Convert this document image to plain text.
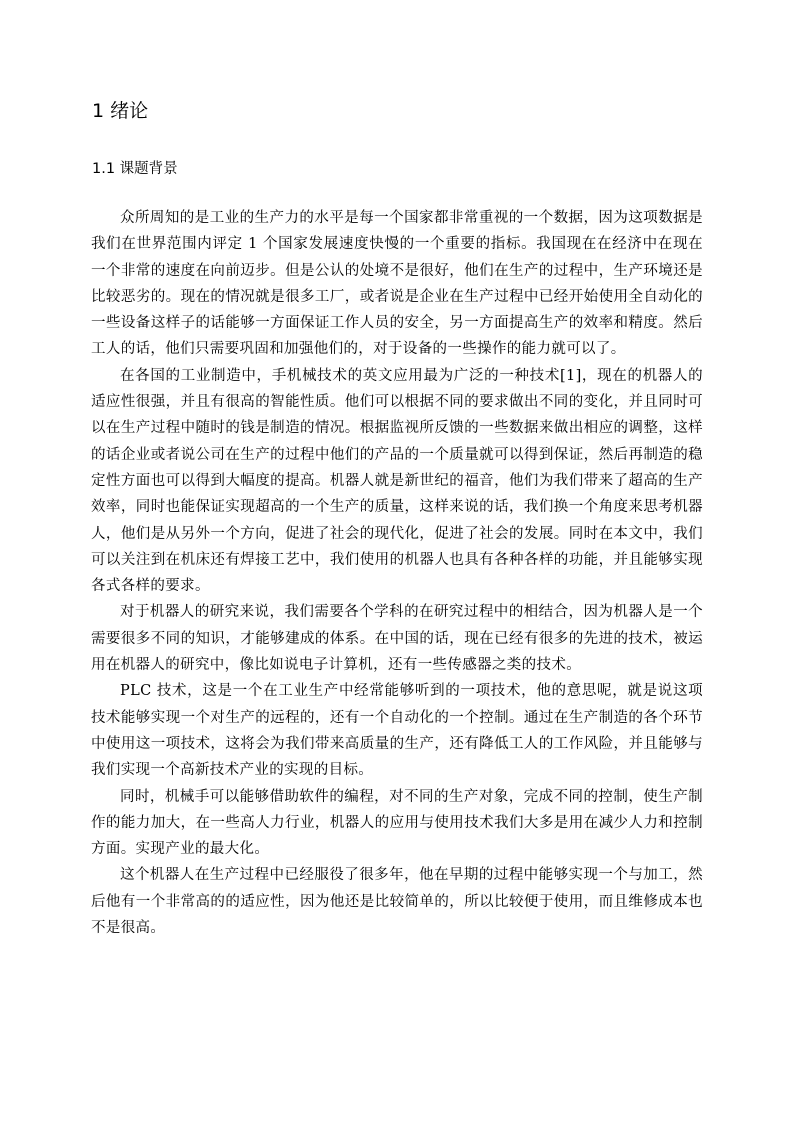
1 绪论
1.1 课题背景

众所周知的是工业的生产力的水平是每一个国家都非常重视的一个数据，因为这项数据是我们在世界范围内评定 1 个国家发展速度快慢的一个重要的指标。我国现在在经济中在现在一个非常的速度在向前迈步。但是公认的处境不是很好，他们在生产的过程中，生产环境还是比较恶劣的。现在的情况就是很多工厂，或者说是企业在生产过程中已经开始使用全自动化的一些设备这样子的话能够一方面保证工作人员的安全，另一方面提高生产的效率和精度。然后工人的话，他们只需要巩固和加强他们的，对于设备的一些操作的能力就可以了。

在各国的工业制造中，手机械技术的英文应用最为广泛的一种技术[1]，现在的机器人的适应性很强，并且有很高的智能性质。他们可以根据不同的要求做出不同的变化，并且同时可以在生产过程中随时的钱是制造的情况。根据监视所反馈的一些数据来做出相应的调整，这样的话企业或者说公司在生产的过程中他们的产品的一个质量就可以得到保证，然后再制造的稳定性方面也可以得到大幅度的提高。机器人就是新世纪的福音，他们为我们带来了超高的生产效率，同时也能保证实现超高的一个生产的质量，这样来说的话，我们换一个角度来思考机器人，他们是从另外一个方向，促进了社会的现代化，促进了社会的发展。同时在本文中，我们可以关注到在机床还有焊接工艺中，我们使用的机器人也具有各种各样的功能，并且能够实现各式各样的要求。

对于机器人的研究来说，我们需要各个学科的在研究过程中的相结合，因为机器人是一个需要很多不同的知识，才能够建成的体系。在中国的话，现在已经有很多的先进的技术，被运用在机器人的研究中，像比如说电子计算机，还有一些传感器之类的技术。

PLC 技术，这是一个在工业生产中经常能够听到的一项技术，他的意思呢，就是说这项技术能够实现一个对生产的远程的，还有一个自动化的一个控制。通过在生产制造的各个环节中使用这一项技术，这将会为我们带来高质量的生产，还有降低工人的工作风险，并且能够与我们实现一个高新技术产业的实现的目标。

同时，机械手可以能够借助软件的编程，对不同的生产对象，完成不同的控制，使生产制作的能力加大，在一些高人力行业，机器人的应用与使用技术我们大多是用在减少人力和控制方面。实现产业的最大化。

这个机器人在生产过程中已经服役了很多年，他在早期的过程中能够实现一个与加工，然后他有一个非常高的的适应性，因为他还是比较简单的，所以比较便于使用，而且维修成本也不是很高。
